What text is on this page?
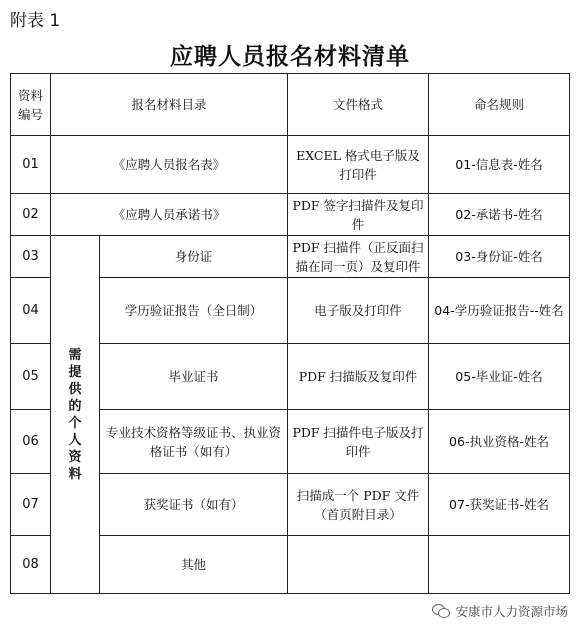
附表 1
应聘人员报名材料清单
资料编号	报名材料目录		文件格式	命名规则
01	《应聘人员报名表》		EXCEL 格式电子版及打印件	01-信息表-姓名
02	《应聘人员承诺书》		PDF 签字扫描件及复印件	02-承诺书-姓名
03	需提供的个人资料	身份证	PDF 扫描件（正反面扫描在同一页）及复印件	03-身份证-姓名
04		学历验证报告（全日制）	电子版及打印件	04-学历验证报告--姓名
05		毕业证书	PDF 扫描版及复印件	05-毕业证-姓名
06		专业技术资格等级证书、执业资格证书（如有）	PDF 扫描件电子版及打印件	06-执业资格-姓名
07		获奖证书（如有）	扫描成一个 PDF 文件（首页附目录）	07-获奖证书-姓名
08		其他		
安康市人力资源市场
